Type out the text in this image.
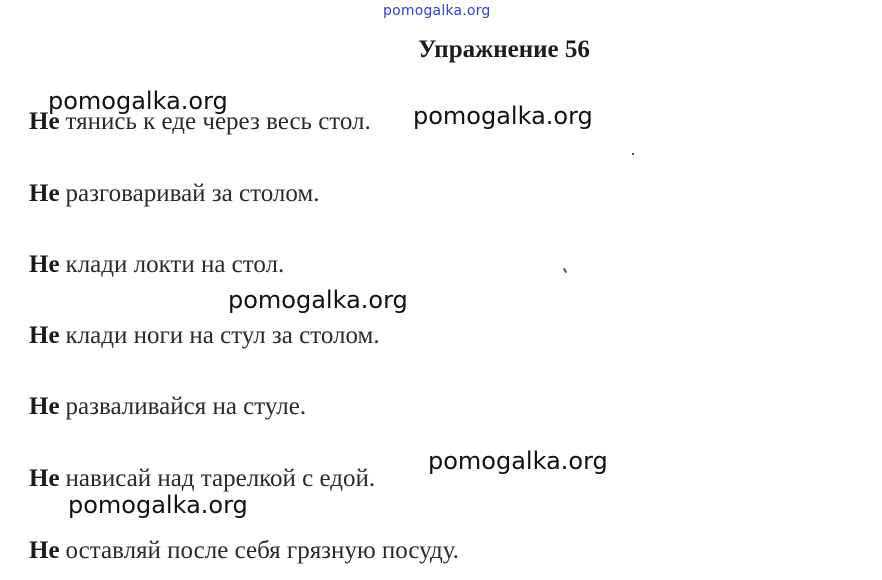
pomogalka.org
Упражнение 56
Не тянись к еде через весь стол.
Не разговаривай за столом.
Не клади локти на стол.
Не клади ноги на стул за столом.
Не разваливайся на стуле.
Не нависай над тарелкой с едой.
Не оставляй после себя грязную посуду.
pomogalka.org
pomogalka.org
pomogalka.org
pomogalka.org
pomogalka.org
